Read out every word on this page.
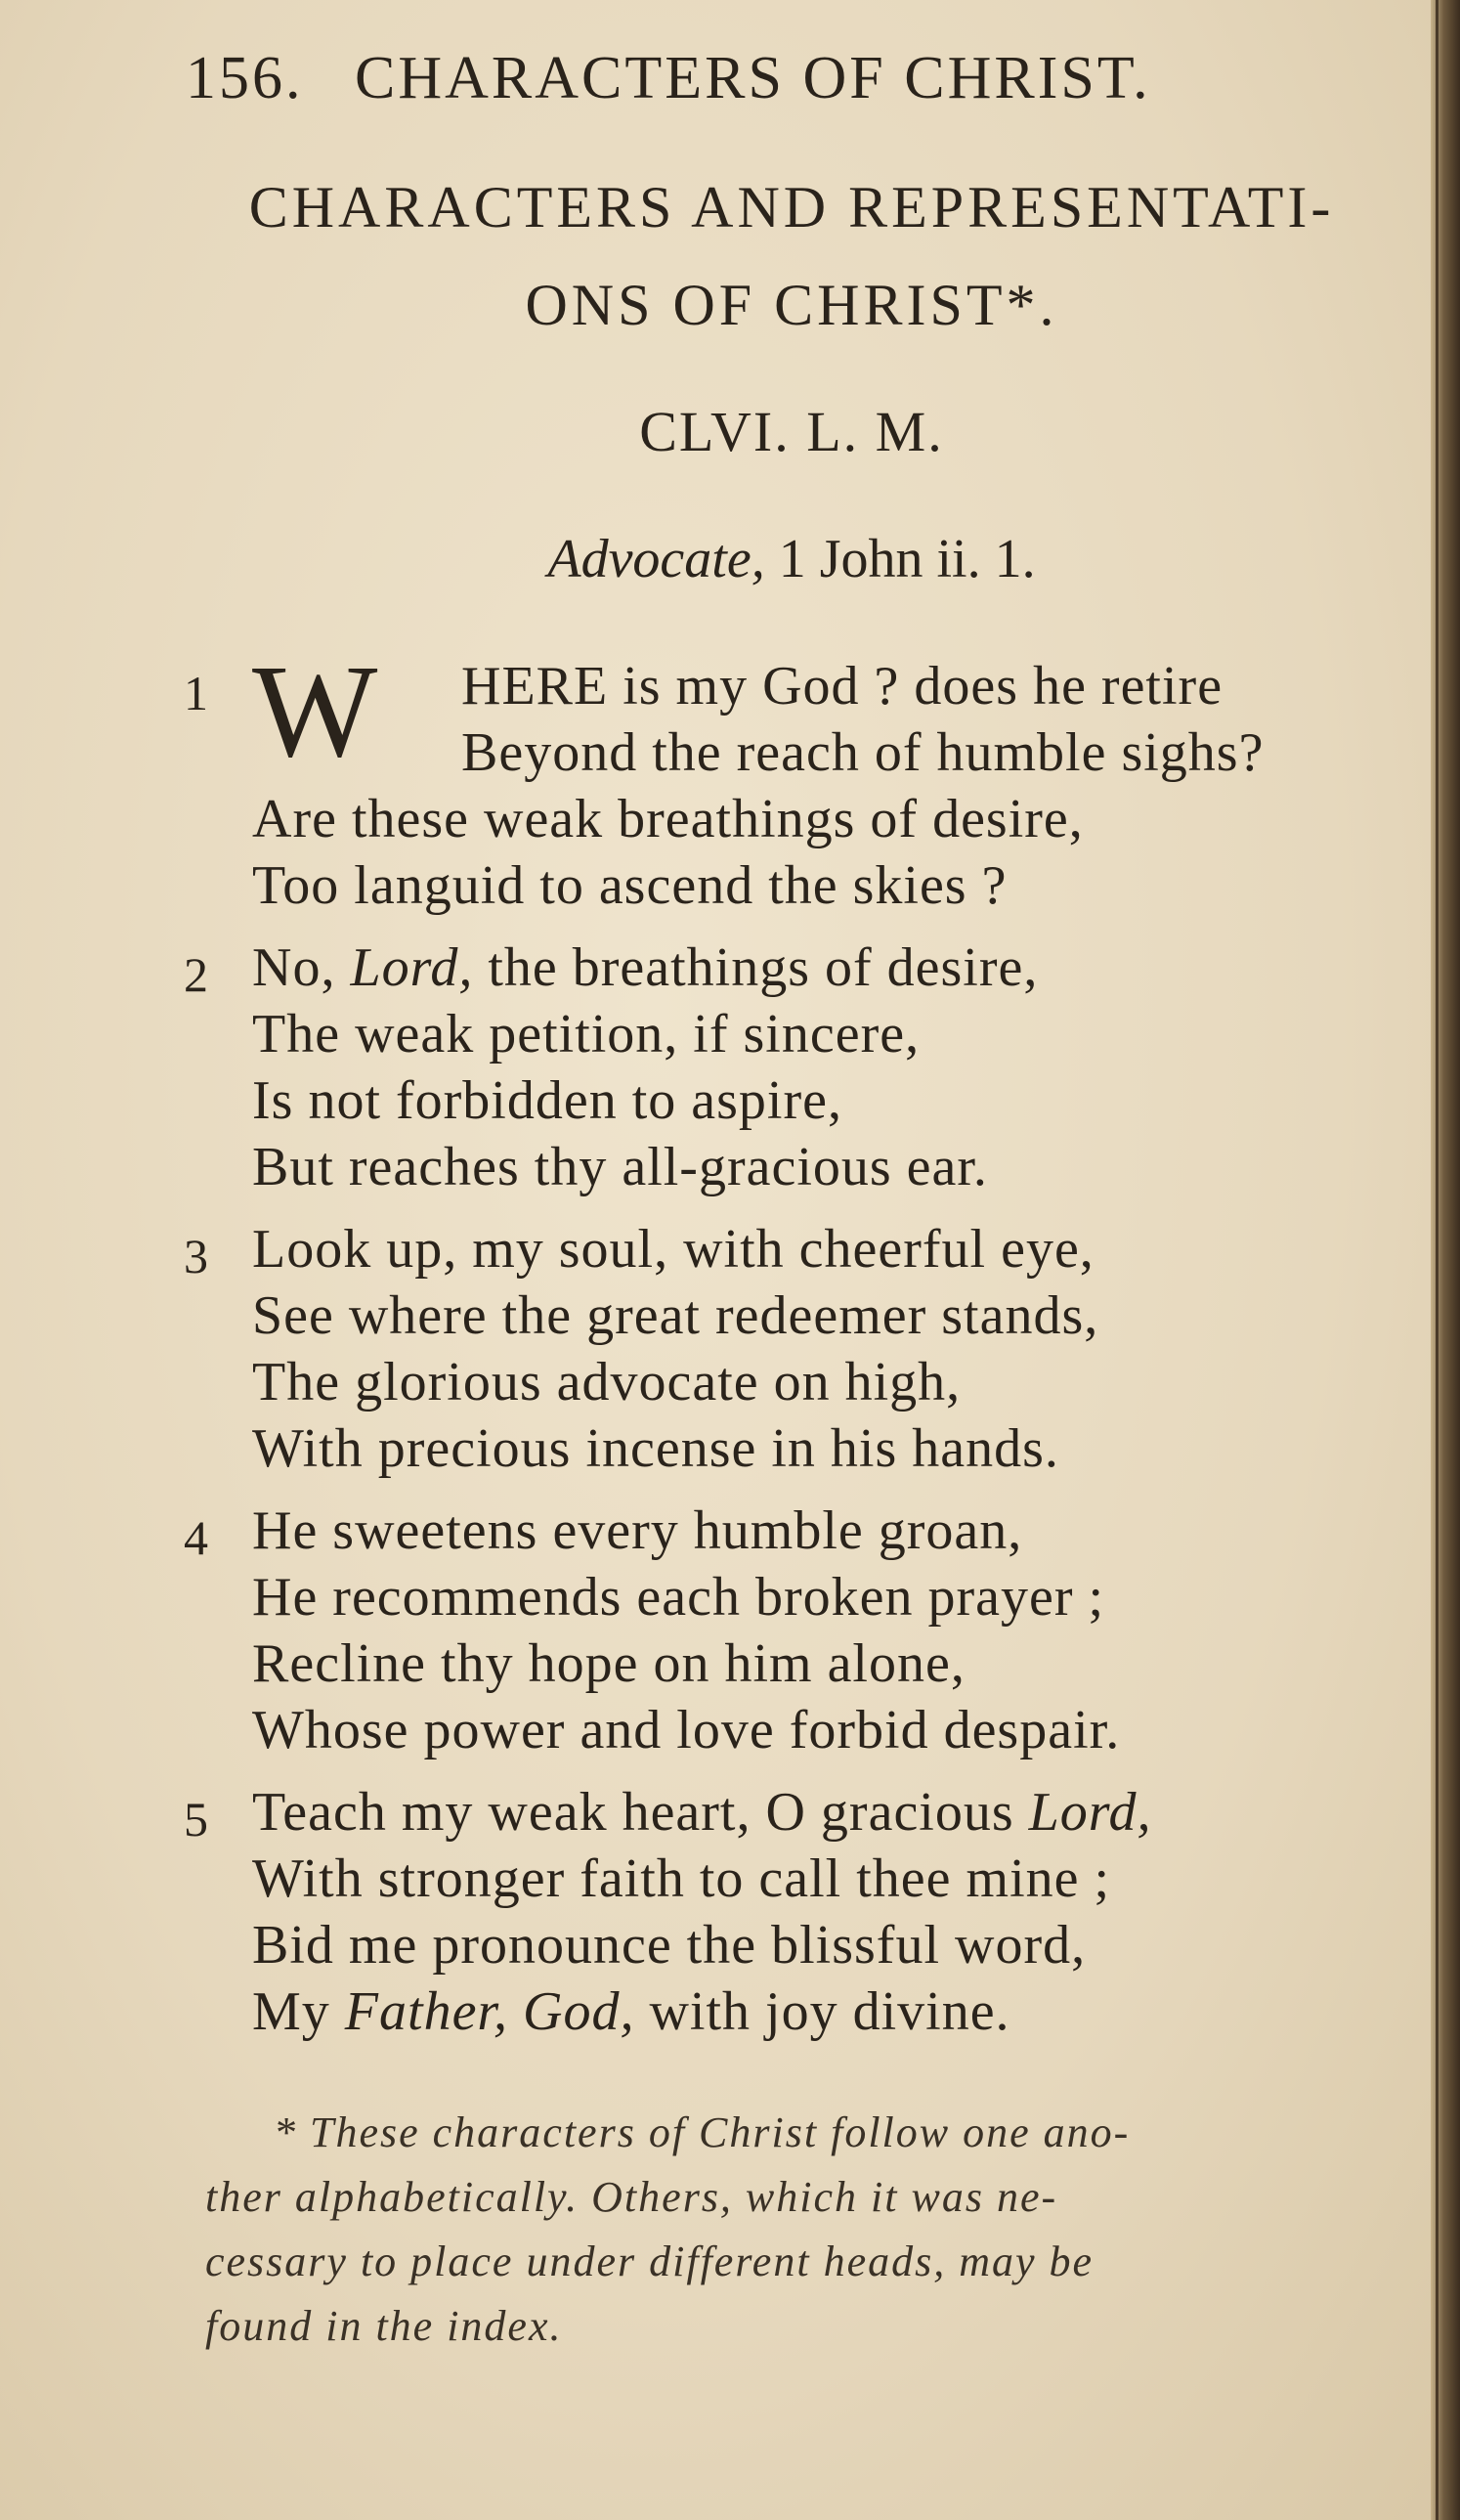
156. CHARACTERS OF CHRIST.
CHARACTERS AND REPRESENTATI-
ONS OF CHRIST*.
CLVI. L. M.
Advocate, 1 John ii. 1.
1 W HERE is my God ? does he retire
Beyond the reach of humble sighs?
Are these weak breathings of desire,
Too languid to ascend the skies ?
2 No, Lord, the breathings of desire,
The weak petition, if sincere,
Is not forbidden to aspire,
But reaches thy all-gracious ear.
3 Look up, my soul, with cheerful eye,
See where the great redeemer stands,
The glorious advocate on high,
With precious incense in his hands.
4 He sweetens every humble groan,
He recommends each broken prayer ;
Recline thy hope on him alone,
Whose power and love forbid despair.
5 Teach my weak heart, O gracious Lord,
With stronger faith to call thee mine ;
Bid me pronounce the blissful word,
My Father, God, with joy divine.
* These characters of Christ follow one ano-
ther alphabetically. Others, which it was ne-
cessary to place under different heads, may be
found in the index.
